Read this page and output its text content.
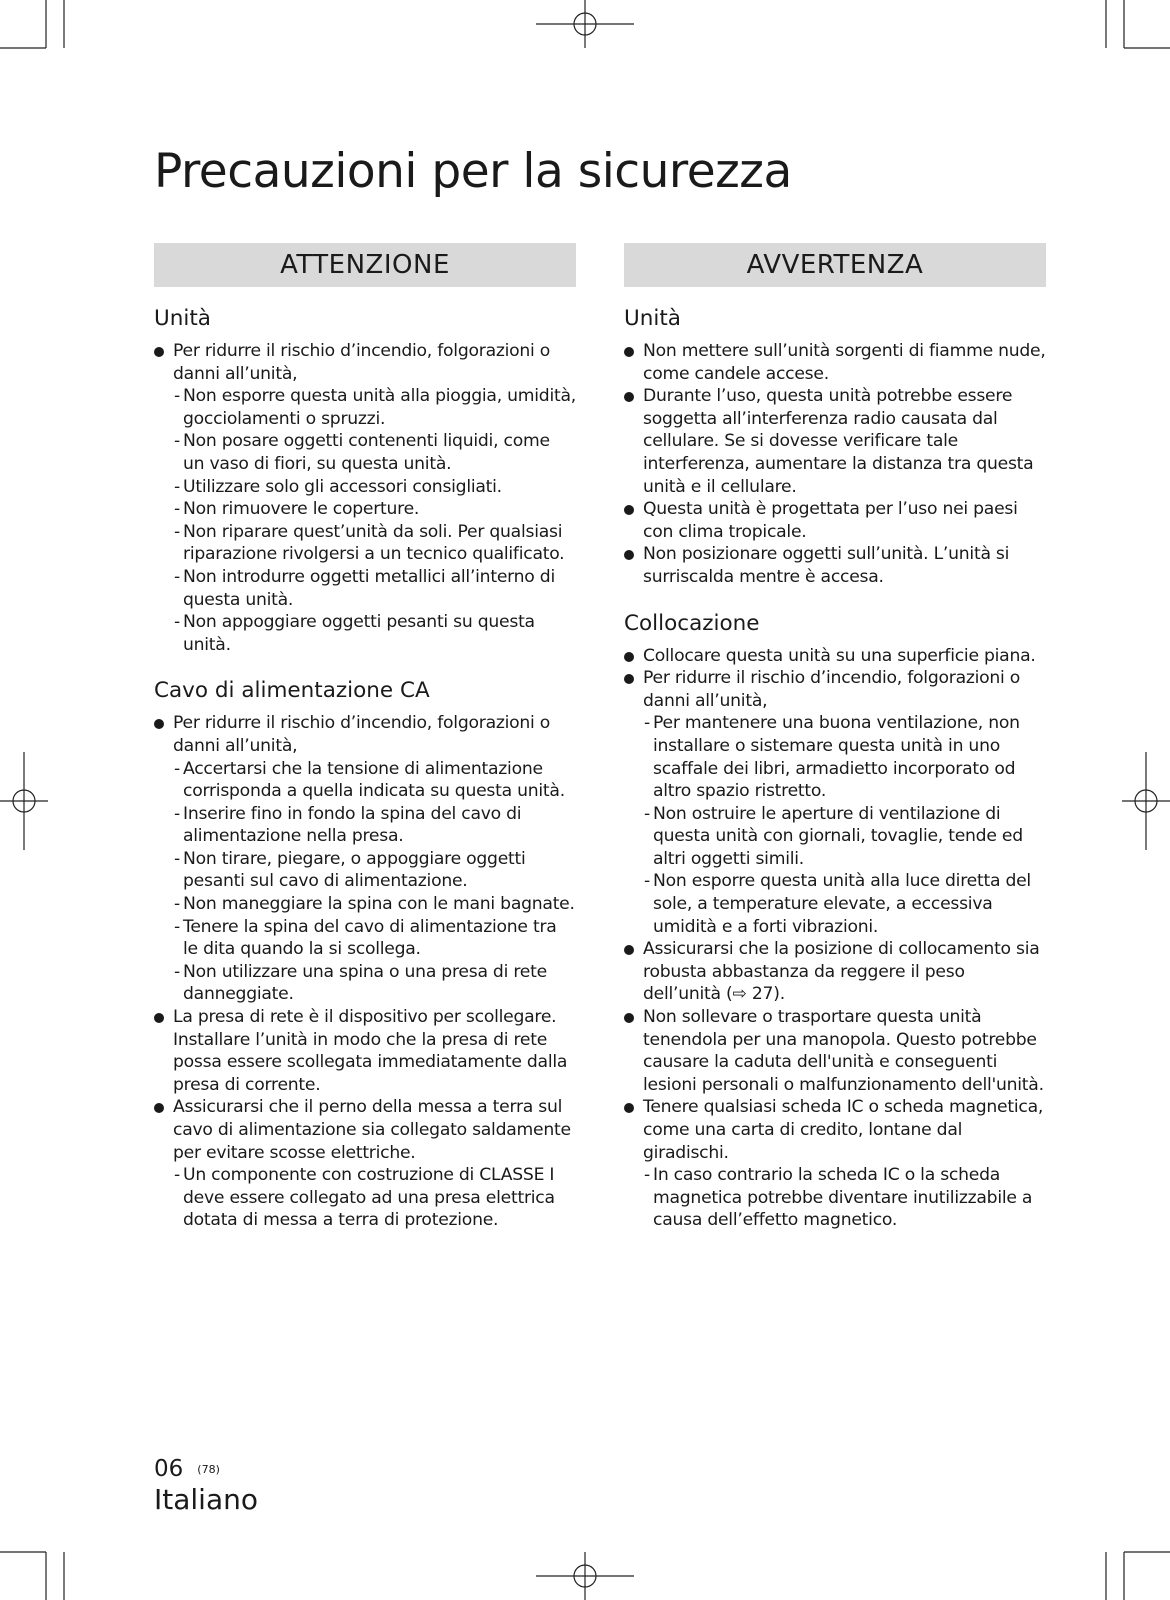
Precauzioni per la sicurezza
ATTENZIONE
Unità
Per ridurre il rischio d’incendio, folgorazioni o danni all’unità,
- Non esporre questa unità alla pioggia, umidità, gocciolamenti o spruzzi.
- Non posare oggetti contenenti liquidi, come un vaso di fiori, su questa unità.
- Utilizzare solo gli accessori consigliati.
- Non rimuovere le coperture.
- Non riparare quest’unità da soli. Per qualsiasi riparazione rivolgersi a un tecnico qualificato.
- Non introdurre oggetti metallici all’interno di questa unità.
- Non appoggiare oggetti pesanti su questa unità.
Cavo di alimentazione CA
Per ridurre il rischio d’incendio, folgorazioni o danni all’unità,
- Accertarsi che la tensione di alimentazione corrisponda a quella indicata su questa unità.
- Inserire fino in fondo la spina del cavo di alimentazione nella presa.
- Non tirare, piegare, o appoggiare oggetti pesanti sul cavo di alimentazione.
- Non maneggiare la spina con le mani bagnate.
- Tenere la spina del cavo di alimentazione tra le dita quando la si scollega.
- Non utilizzare una spina o una presa di rete danneggiate.
La presa di rete è il dispositivo per scollegare. Installare l’unità in modo che la presa di rete possa essere scollegata immediatamente dalla presa di corrente.
Assicurarsi che il perno della messa a terra sul cavo di alimentazione sia collegato saldamente per evitare scosse elettriche.
- Un componente con costruzione di CLASSE I deve essere collegato ad una presa elettrica dotata di messa a terra di protezione.
AVVERTENZA
Unità
Non mettere sull’unità sorgenti di fiamme nude, come candele accese.
Durante l’uso, questa unità potrebbe essere soggetta all’interferenza radio causata dal cellulare. Se si dovesse verificare tale interferenza, aumentare la distanza tra questa unità e il cellulare.
Questa unità è progettata per l’uso nei paesi con clima tropicale.
Non posizionare oggetti sull’unità. L’unità si surriscalda mentre è accesa.
Collocazione
Collocare questa unità su una superficie piana.
Per ridurre il rischio d’incendio, folgorazioni o danni all’unità,
- Per mantenere una buona ventilazione, non installare o sistemare questa unità in uno scaffale dei libri, armadietto incorporato od altro spazio ristretto.
- Non ostruire le aperture di ventilazione di questa unità con giornali, tovaglie, tende ed altri oggetti simili.
- Non esporre questa unità alla luce diretta del sole, a temperature elevate, a eccessiva umidità e a forti vibrazioni.
Assicurarsi che la posizione di collocamento sia robusta abbastanza da reggere il peso dell’unità (⇨ 27).
Non sollevare o trasportare questa unità tenendola per una manopola. Questo potrebbe causare la caduta dell'unità e conseguenti lesioni personali o malfunzionamento dell'unità.
Tenere qualsiasi scheda IC o scheda magnetica, come una carta di credito, lontane dal giradischi.
- In caso contrario la scheda IC o la scheda magnetica potrebbe diventare inutilizzabile a causa dell’effetto magnetico.
06 (78)
Italiano
